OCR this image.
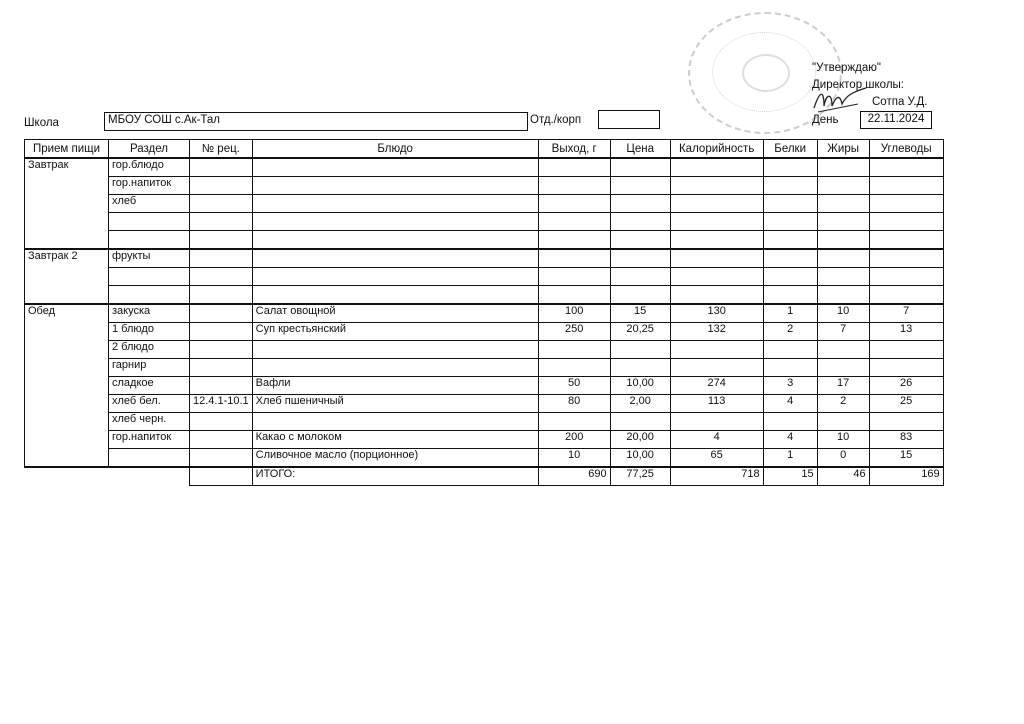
"Утверждаю"
Директор школы:
Сотпа У.Д.
День	22.11.2024
Школа	МБОУ СОШ с.Ак-Тал	Отд./корп
Прием пищи	Раздел	№ рец.	Блюдо	Выход, г	Цена	Калорийность	Белки	Жиры	Углеводы
Завтрак	гор.блюдо								
	гор.напиток								
	хлеб								

Завтрак 2	фрукты								

Обед	закуска		Салат овощной	100	15	130	1	10	7
	1 блюдо		Суп крестьянский	250	20,25	132	2	7	13
	2 блюдо								
	гарнир								
	сладкое		Вафли	50	10,00	274	3	17	26
	хлеб бел.	12.4.1-10.1	Хлеб пшеничный	80	2,00	113	4	2	25
	хлеб черн.								
	гор.напиток		Какао с молоком	200	20,00	4	4	10	83
			Сливочное масло (порционное)	10	10,00	65	1	0	15
			ИТОГО:	690	77,25	718	15	46	169
